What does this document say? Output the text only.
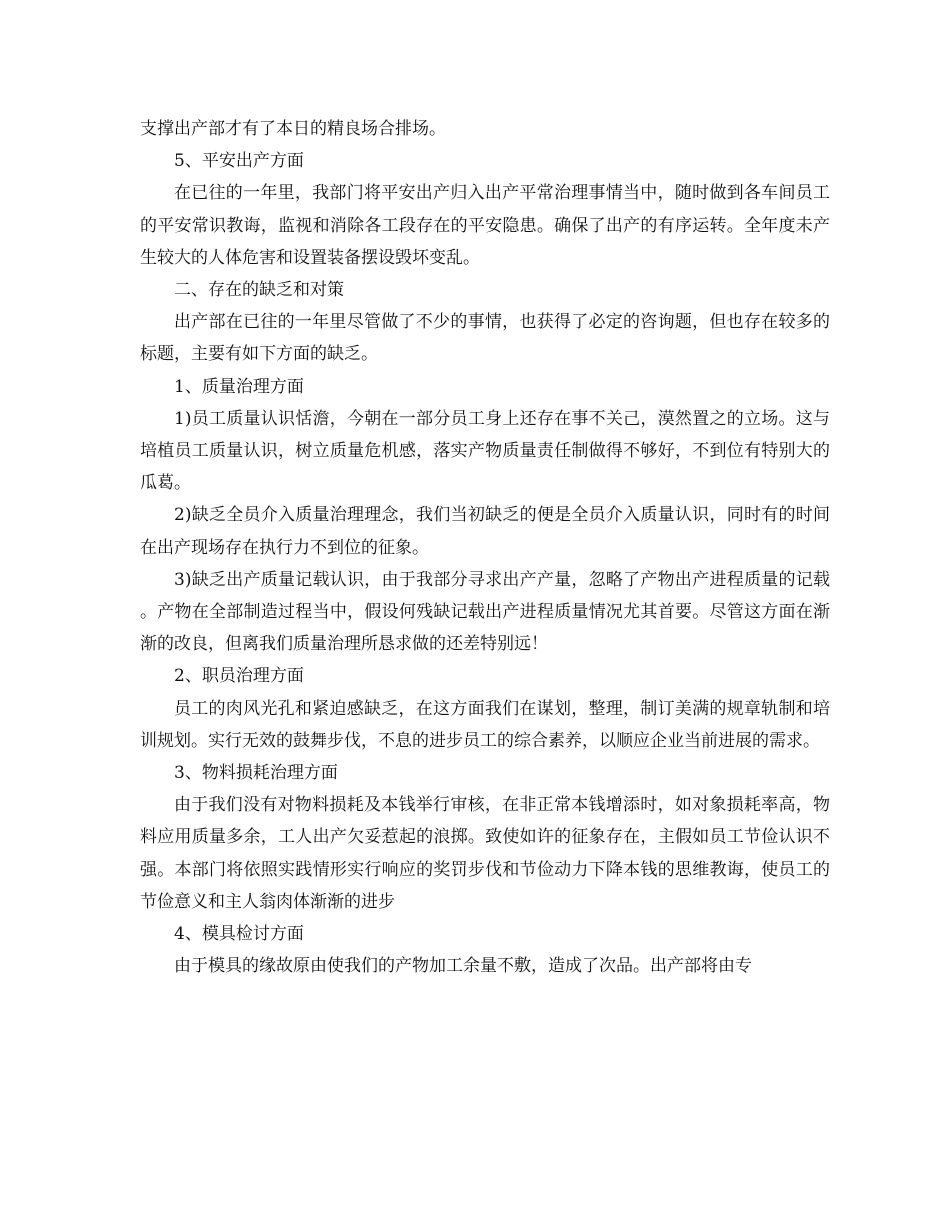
支撑出产部才有了本日的精良场合排场。

5、平安出产方面

在已往的一年里，我部门将平安出产归入出产平常治理事情当中，随时做到各车间员工的平安常识教诲，监视和消除各工段存在的平安隐患。确保了出产的有序运转。全年度未产生较大的人体危害和设置装备摆设毁坏变乱。

二、存在的缺乏和对策

出产部在已往的一年里尽管做了不少的事情，也获得了必定的咨询题，但也存在较多的标题，主要有如下方面的缺乏。

1、质量治理方面

1)员工质量认识恬澹，今朝在一部分员工身上还存在事不关己，漠然置之的立场。这与培植员工质量认识，树立质量危机感，落实产物质量责任制做得不够好，不到位有特别大的瓜葛。

2)缺乏全员介入质量治理理念，我们当初缺乏的便是全员介入质量认识，同时有的时间在出产现场存在执行力不到位的征象。

3)缺乏出产质量记载认识，由于我部分寻求出产产量，忽略了产物出产进程质量的记载。产物在全部制造过程当中，假设何残缺记载出产进程质量情况尤其首要。尽管这方面在渐渐的改良，但离我们质量治理所恳求做的还差特别远！

2、职员治理方面

员工的肉风光孔和紧迫感缺乏，在这方面我们在谋划，整理，制订美满的规章轨制和培训规划。实行无效的鼓舞步伐，不息的进步员工的综合素养，以顺应企业当前进展的需求。

3、物料损耗治理方面

由于我们没有对物料损耗及本钱举行审核，在非正常本钱增添时，如对象损耗率高，物料应用质量多余，工人出产欠妥惹起的浪掷。致使如许的征象存在，主假如员工节俭认识不强。本部门将依照实践情形实行响应的奖罚步伐和节俭动力下降本钱的思维教诲，使员工的节俭意义和主人翁肉体渐渐的进步

4、模具检讨方面

由于模具的缘故原由使我们的产物加工余量不敷，造成了次品。出产部将由专
